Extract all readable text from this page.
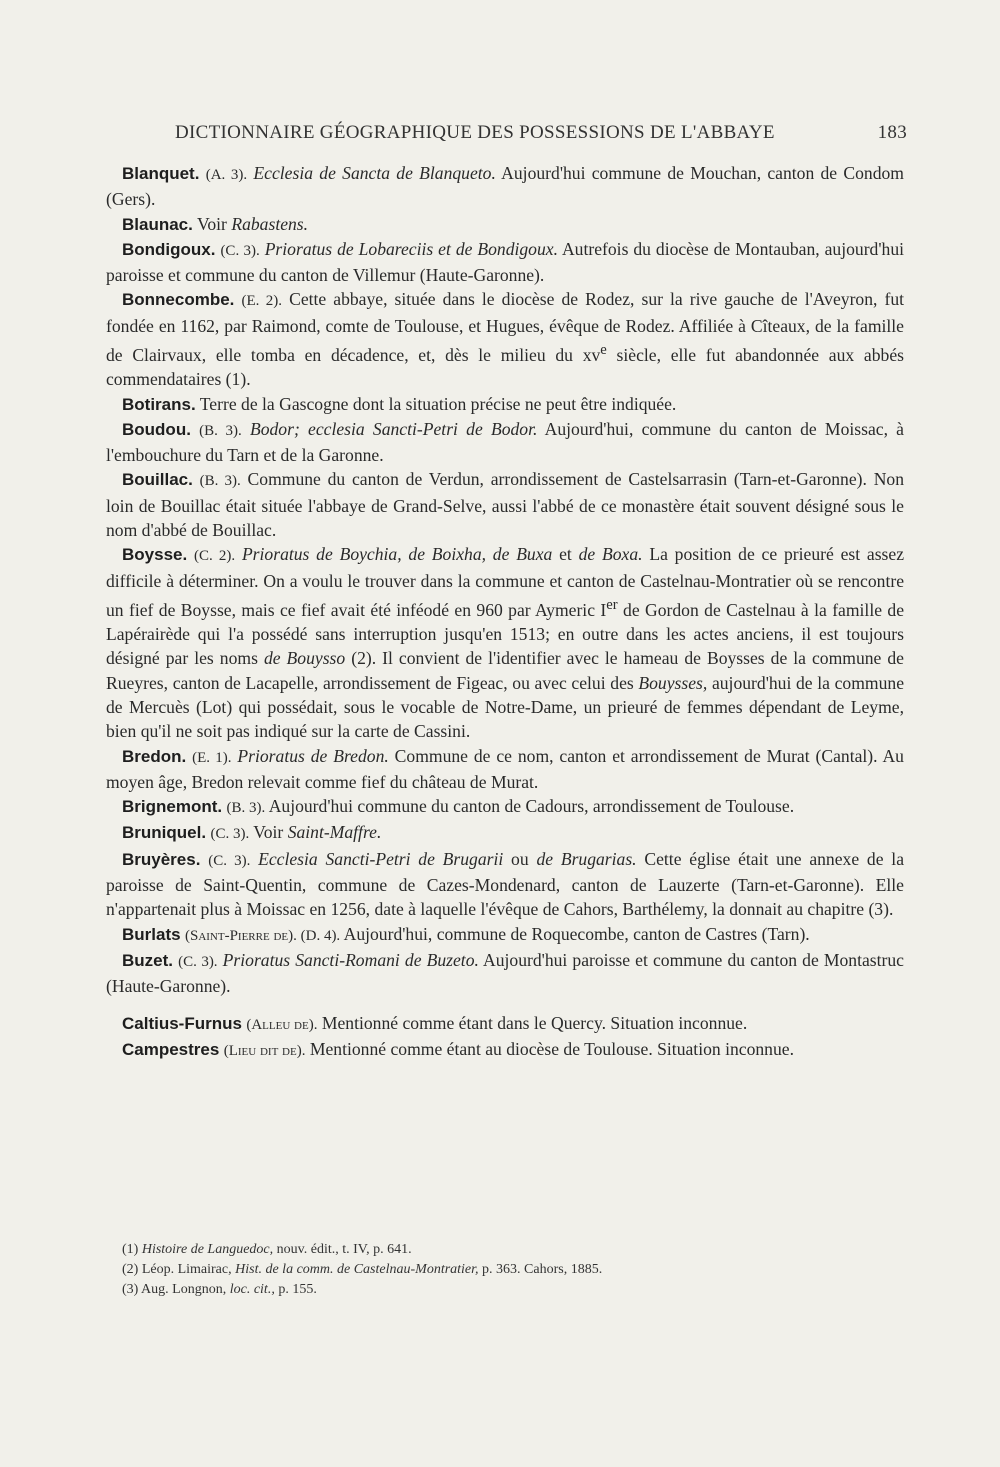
DICTIONNAIRE GÉOGRAPHIQUE DES POSSESSIONS DE L'ABBAYE	183

Blanquet. (A. 3). Ecclesia de Sancta de Blanqueto. Aujourd'hui commune de Mouchan, canton de Condom (Gers).

Blaunac. Voir Rabastens.

Bondigoux. (C. 3). Prioratus de Lobareciis et de Bondigoux. Autrefois du diocèse de Montauban, aujourd'hui paroisse et commune du canton de Villemur (Haute-Garonne).

Bonnecombe. (E. 2). Cette abbaye, située dans le diocèse de Rodez, sur la rive gauche de l'Aveyron, fut fondée en 1162, par Raimond, comte de Toulouse, et Hugues, évêque de Rodez. Affiliée à Cîteaux, de la famille de Clairvaux, elle tomba en décadence, et, dès le milieu du $xv^e$ siècle, elle fut abandonnée aux abbés commendataires (1).

Botirans. Terre de la Gascogne dont la situation précise ne peut être indiquée.

Boudou. (B. 3). Bodor; ecclesia Sancti-Petri de Bodor. Aujourd'hui, commune du canton de Moissac, à l'embouchure du Tarn et de la Garonne.

Bouillac. (B. 3). Commune du canton de Verdun, arrondissement de Castelsarrasin (Tarn-et-Garonne). Non loin de Bouillac était située l'abbaye de Grand-Selve, aussi l'abbé de ce monastère était souvent désigné sous le nom d'abbé de Bouillac.

Boysse. (C. 2). Prioratus de Boychia, de Boixha, de Buxa et de Boxa. La position de ce prieuré est assez difficile à déterminer. On a voulu le trouver dans la commune et canton de Castelnau-Montratier où se rencontre un fief de Boysse, mais ce fief avait été inféodé en 960 par Aymeric Ier de Gordon de Castelnau à la famille de Lapérairède qui l'a possédé sans interruption jusqu'en 1513; en outre dans les actes anciens, il est toujours désigné par les noms de Bouysso (2). Il convient de l'identifier avec le hameau de Boysses de la commune de Rueyres, canton de Lacapelle, arrondissement de Figeac, ou avec celui des Bouysses, aujourd'hui de la commune de Mercuès (Lot) qui possédait, sous le vocable de Notre-Dame, un prieuré de femmes dépendant de Leyme, bien qu'il ne soit pas indiqué sur la carte de Cassini.

Bredon. (E. 1). Prioratus de Bredon. Commune de ce nom, canton et arrondissement de Murat (Cantal). Au moyen âge, Bredon relevait comme fief du château de Murat.

Brignemont. (B. 3). Aujourd'hui commune du canton de Cadours, arrondissement de Toulouse.

Bruniquel. (C. 3). Voir Saint-Maffre.

Bruyères. (C. 3). Ecclesia Sancti-Petri de Brugarii ou de Brugarias. Cette église était une annexe de la paroisse de Saint-Quentin, commune de Cazes-Mondenard, canton de Lauzerte (Tarn-et-Garonne). Elle n'appartenait plus à Moissac en 1256, date à laquelle l'évêque de Cahors, Barthélemy, la donnait au chapitre (3).

Burlats (Saint-Pierre de). (D. 4). Aujourd'hui, commune de Roquecombe, canton de Castres (Tarn).

Buzet. (C. 3). Prioratus Sancti-Romani de Buzeto. Aujourd'hui paroisse et commune du canton de Montastruc (Haute-Garonne).

Caltius-Furnus (Alleu de). Mentionné comme étant dans le Quercy. Situation inconnue.

Campestres (Lieu dit de). Mentionné comme étant au diocèse de Toulouse. Situation inconnue.

(1) Histoire de Languedoc, nouv. édit., t. IV, p. 641.

(2) Léop. Limairac, Hist. de la comm. de Castelnau-Montratier, p. 363. Cahors, 1885.

(3) Aug. Longnon, loc. cit., p. 155.
